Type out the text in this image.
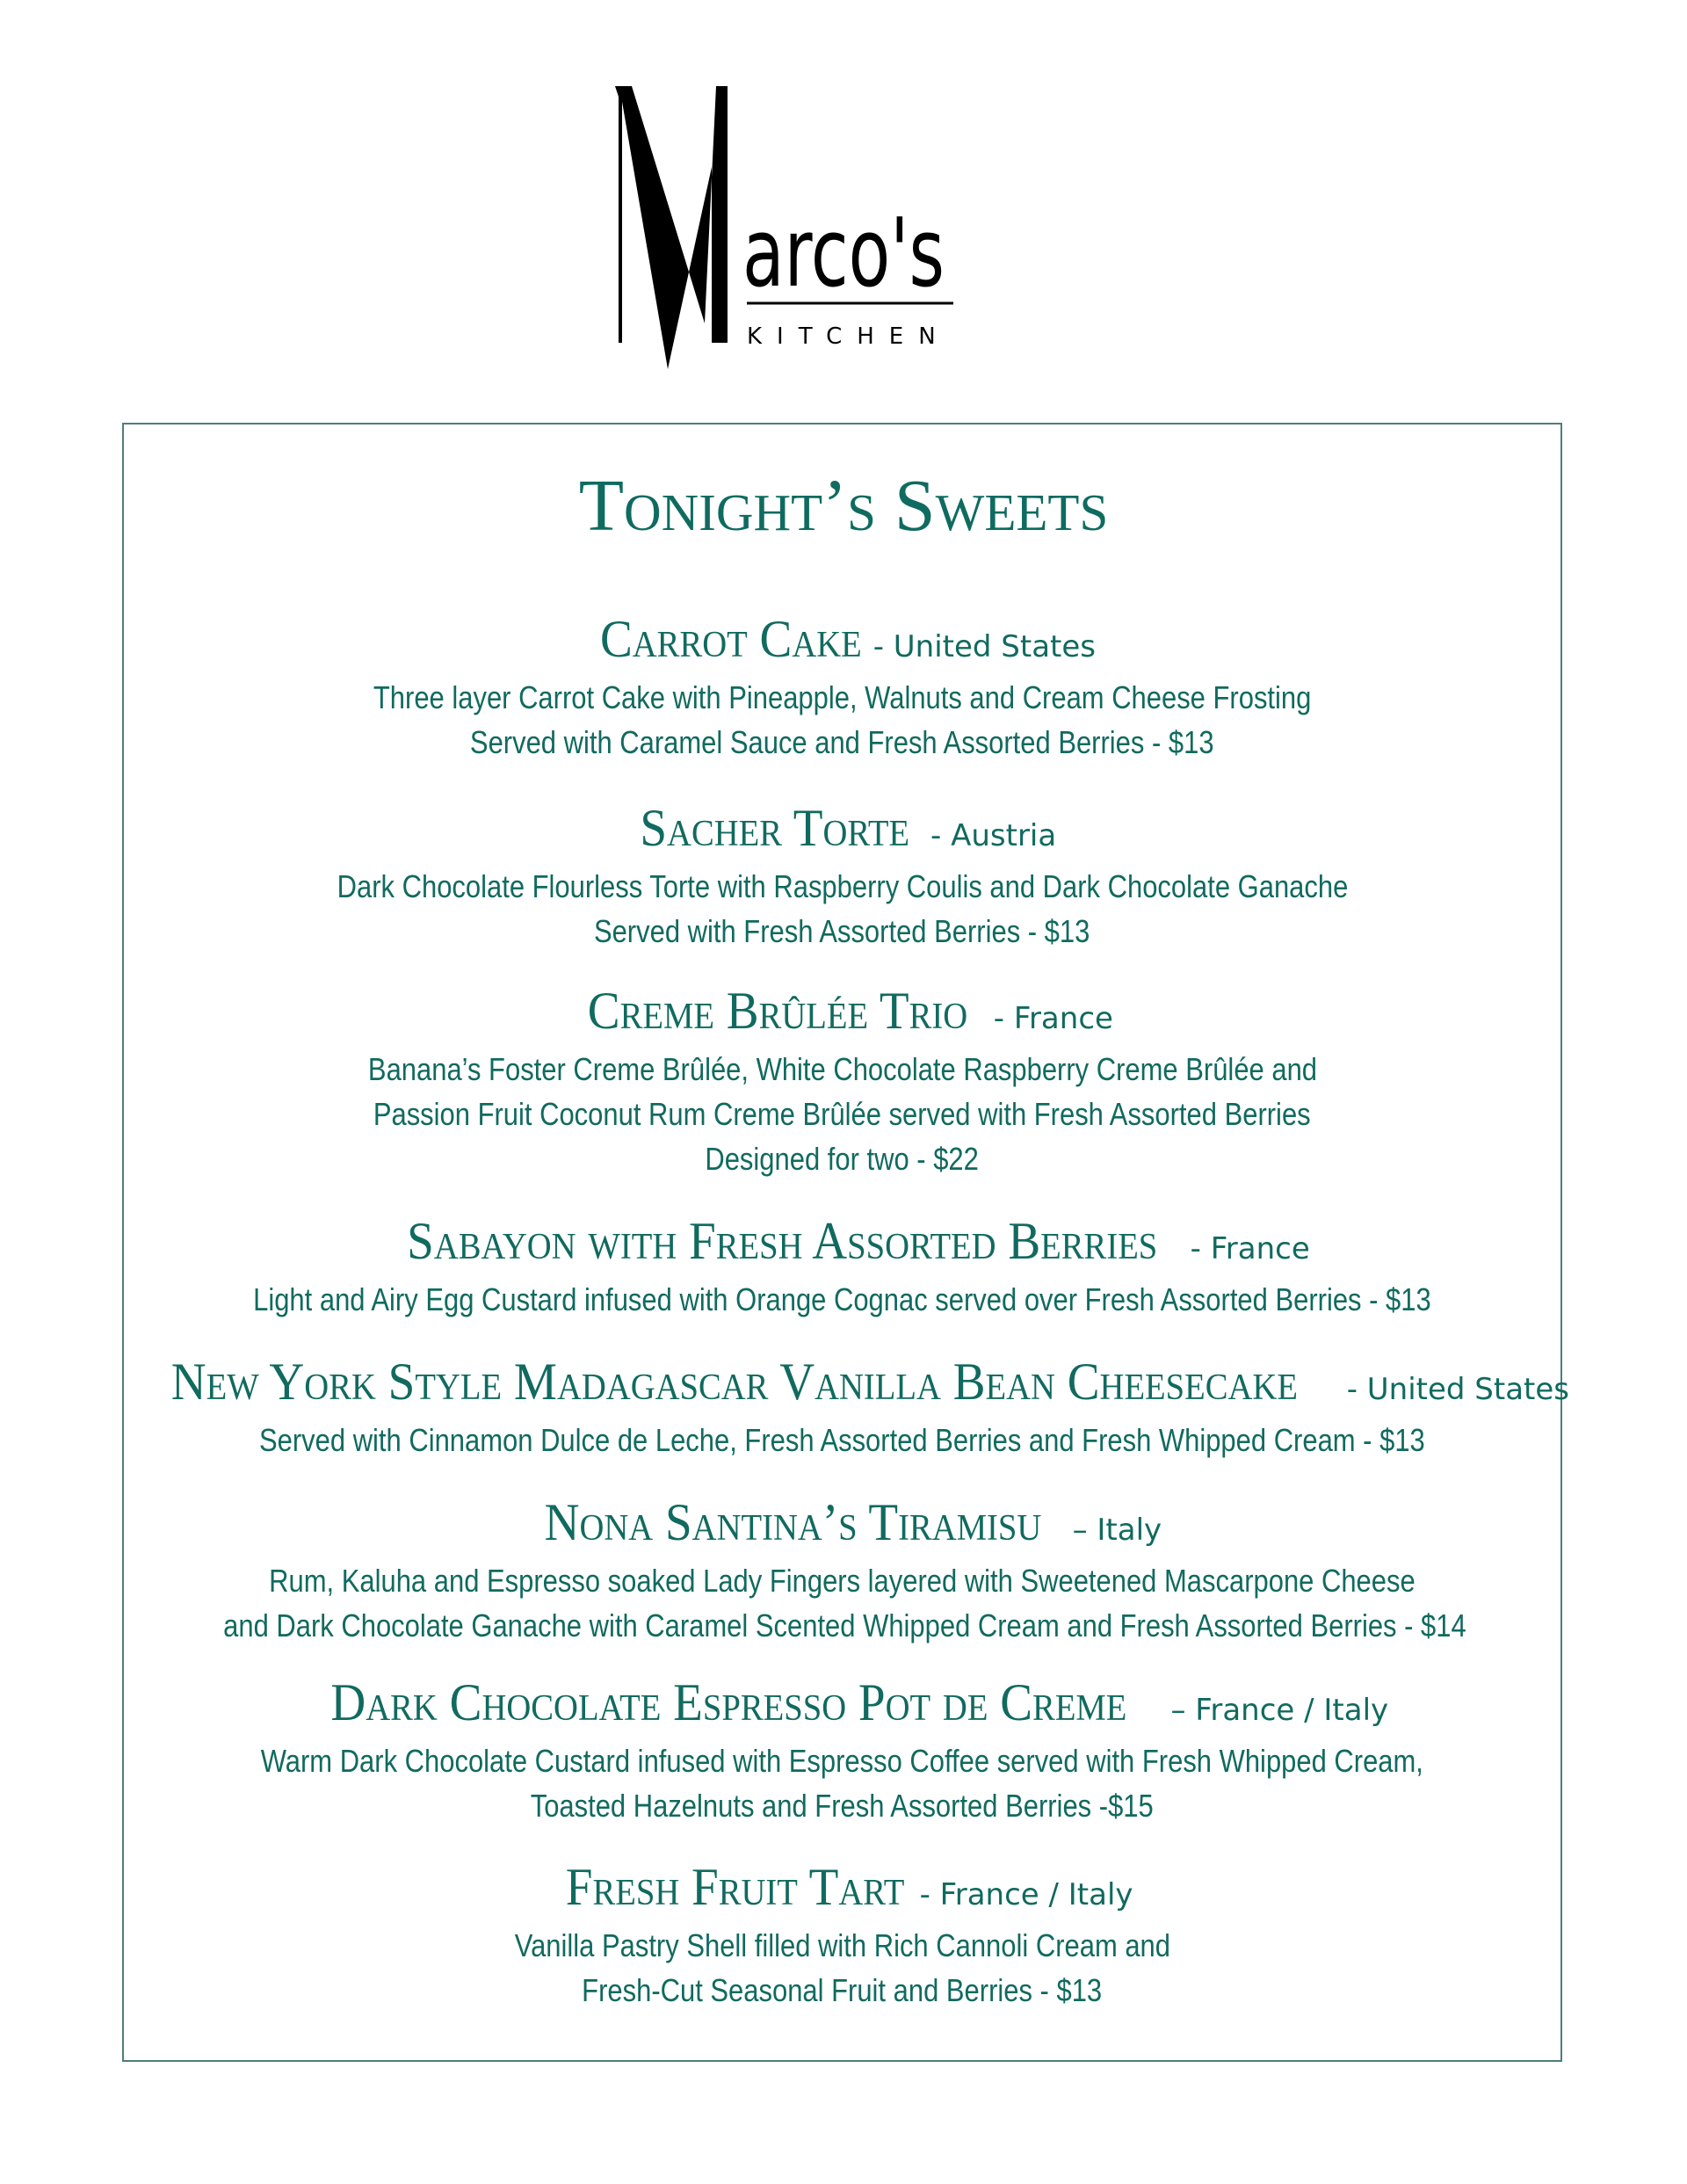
arco's
KITCHEN
Tonight’s Sweets
Carrot Cake - United States
Three layer Carrot Cake with Pineapple, Walnuts and Cream Cheese Frosting
Served with Caramel Sauce and Fresh Assorted Berries - $13
Sacher Torte - Austria
Dark Chocolate Flourless Torte with Raspberry Coulis and Dark Chocolate Ganache
Served with Fresh Assorted Berries - $13
Creme Brûlée Trio - France
Banana’s Foster Creme Brûlée, White Chocolate Raspberry Creme Brûlée and
Passion Fruit Coconut Rum Creme Brûlée served with Fresh Assorted Berries
Designed for two - $22
Sabayon with Fresh Assorted Berries - France
Light and Airy Egg Custard infused with Orange Cognac served over Fresh Assorted Berries - $13
New York Style Madagascar Vanilla Bean Cheesecake - United States
Served with Cinnamon Dulce de Leche, Fresh Assorted Berries and Fresh Whipped Cream - $13
Nona Santina’s Tiramisu – Italy
Rum, Kaluha and Espresso soaked Lady Fingers layered with Sweetened Mascarpone Cheese
and Dark Chocolate Ganache with Caramel Scented Whipped Cream and Fresh Assorted Berries - $14
Dark Chocolate Espresso Pot de Creme – France / Italy
Warm Dark Chocolate Custard infused with Espresso Coffee served with Fresh Whipped Cream,
Toasted Hazelnuts and Fresh Assorted Berries -$15
Fresh Fruit Tart - France / Italy
Vanilla Pastry Shell filled with Rich Cannoli Cream and
Fresh-Cut Seasonal Fruit and Berries - $13
